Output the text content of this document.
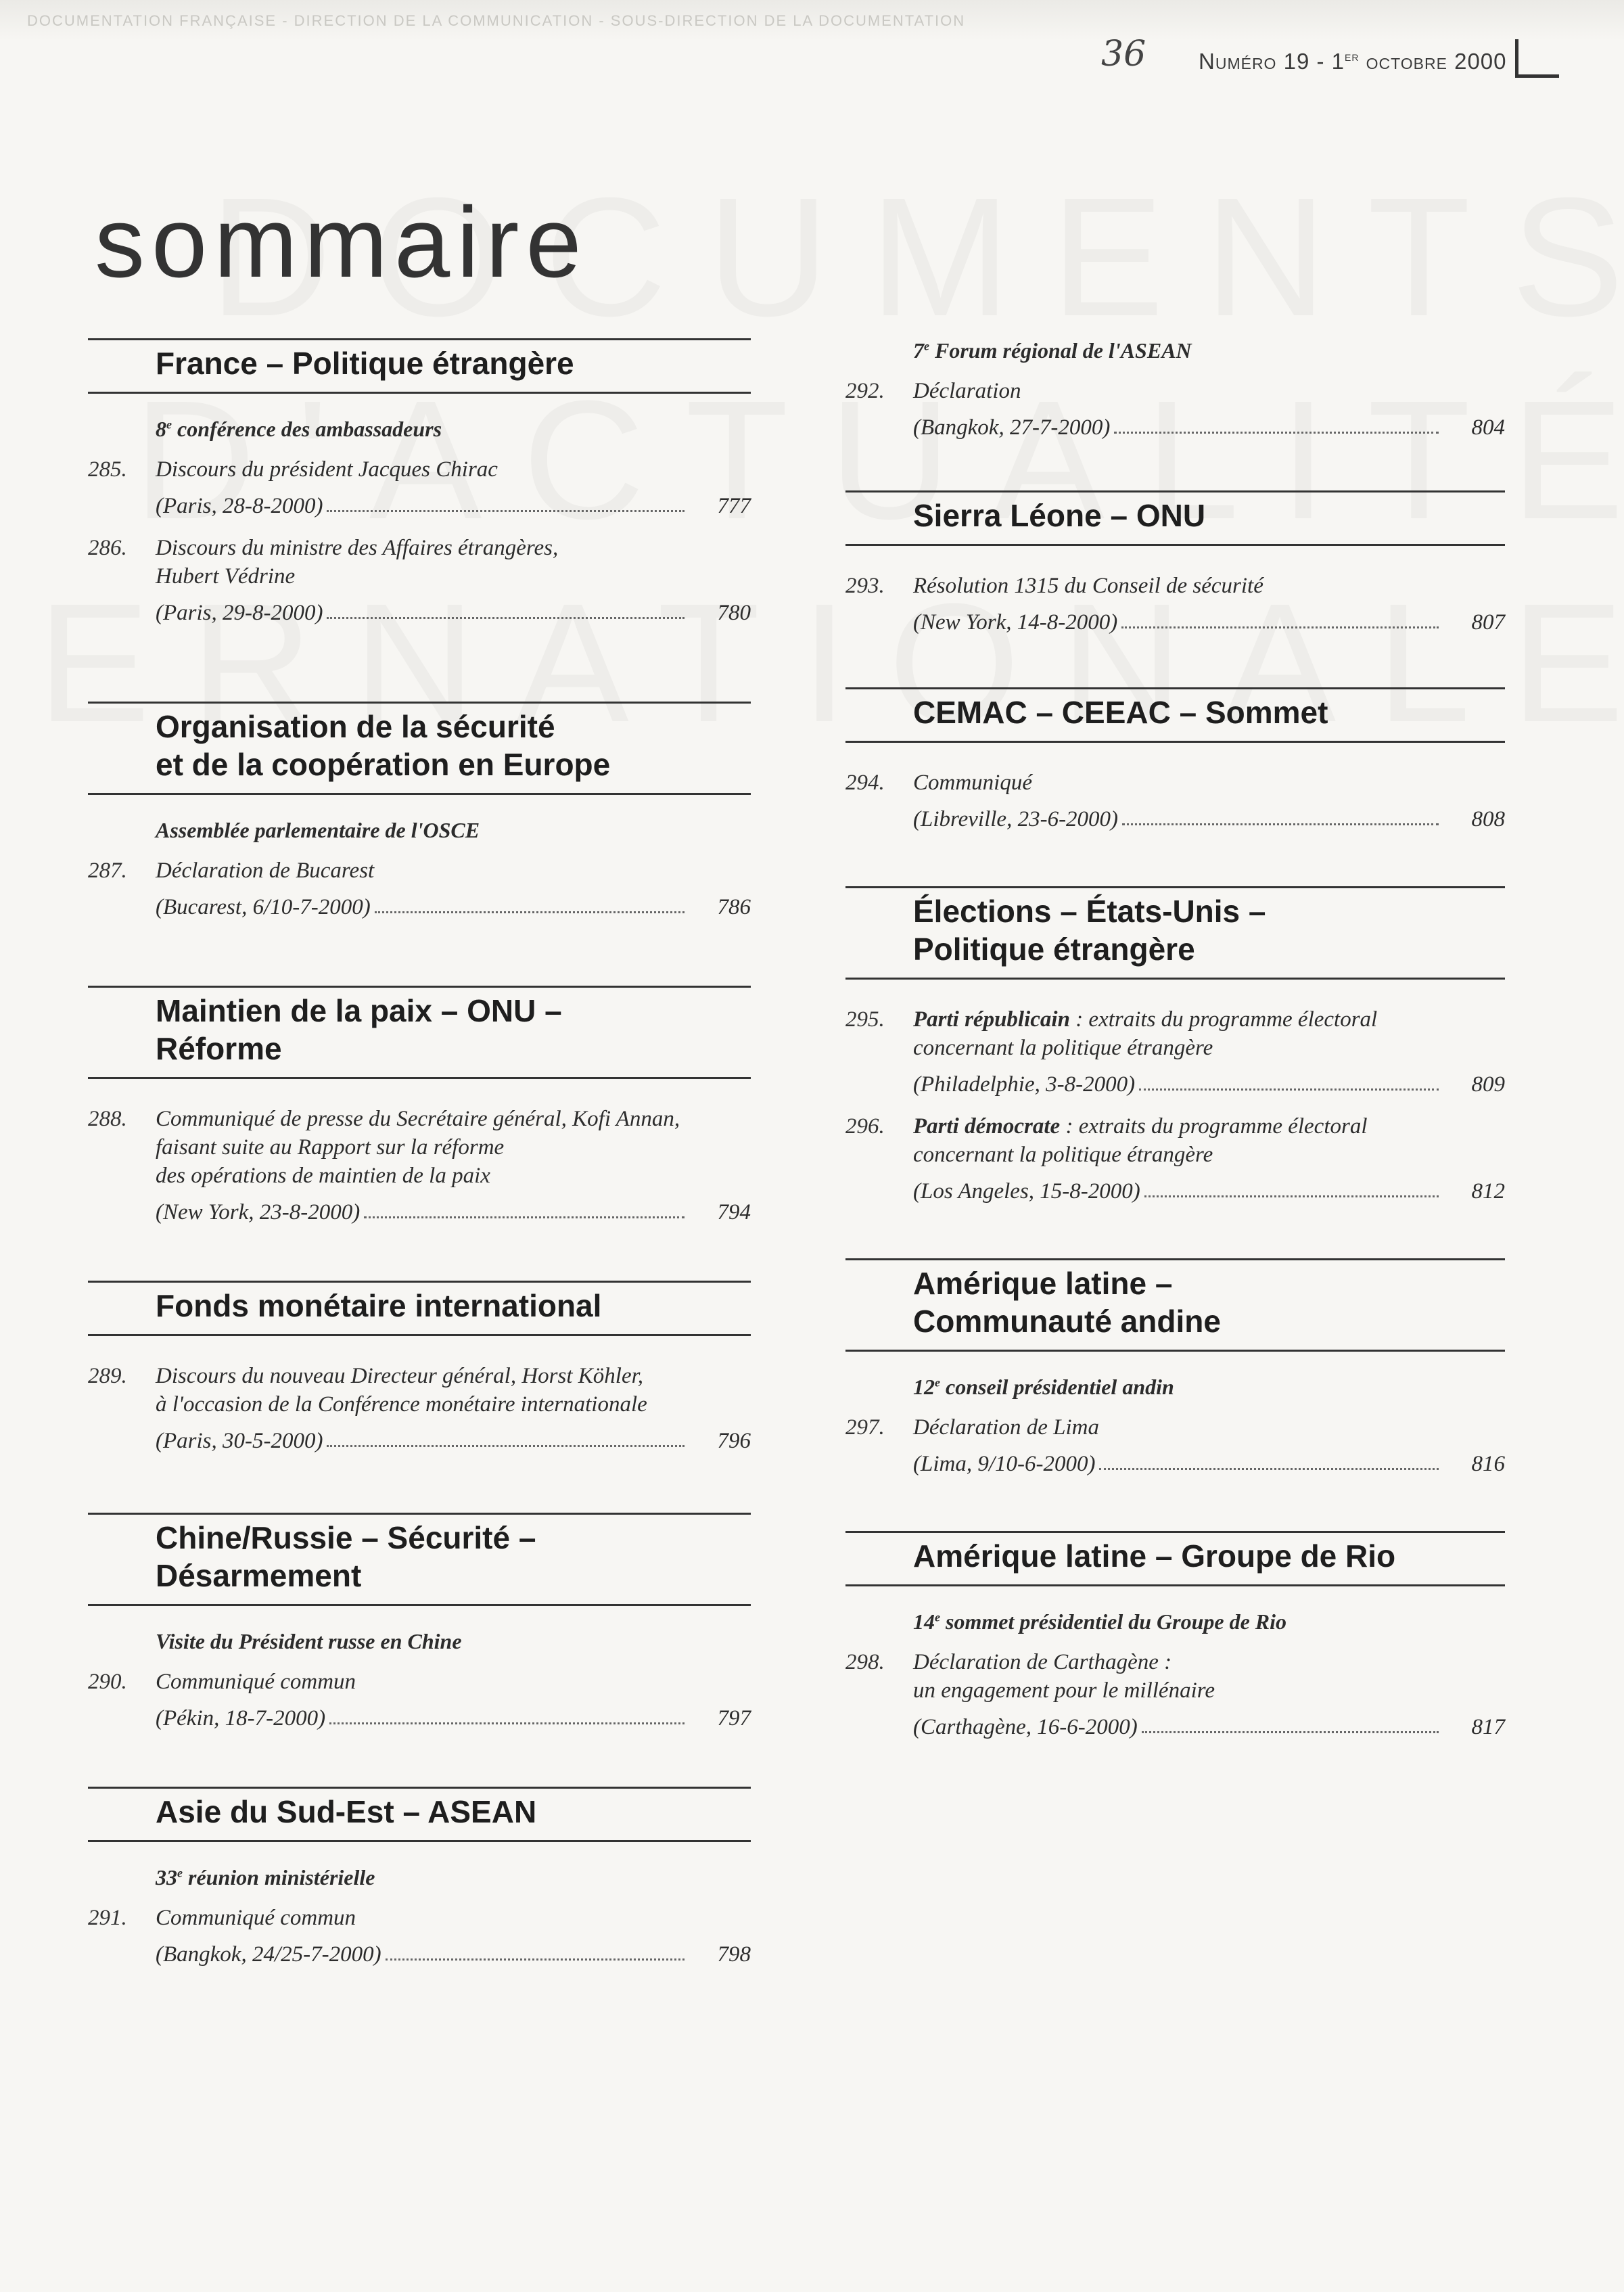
DOCUMENTATION FRANÇAISE - DIRECTION DE LA COMMUNICATION - SOUS-DIRECTION DE LA DOCUMENTATION
36 Numéro 19 - 1er octobre 2000
sommaire
France – Politique étrangère
8e conférence des ambassadeurs
285.	Discours du président Jacques Chirac
(Paris, 28-8-2000)	777
286.	Discours du ministre des Affaires étrangères,
Hubert Védrine
(Paris, 29-8-2000)	780
Organisation de la sécurité
et de la coopération en Europe
Assemblée parlementaire de l'OSCE
287.	Déclaration de Bucarest
(Bucarest, 6/10-7-2000)	786
Maintien de la paix – ONU –
Réforme
288.	Communiqué de presse du Secrétaire général, Kofi Annan,
faisant suite au Rapport sur la réforme
des opérations de maintien de la paix
(New York, 23-8-2000)	794
Fonds monétaire international
289.	Discours du nouveau Directeur général, Horst Köhler,
à l'occasion de la Conférence monétaire internationale
(Paris, 30-5-2000)	796
Chine/Russie – Sécurité –
Désarmement
Visite du Président russe en Chine
290.	Communiqué commun
(Pékin, 18-7-2000)	797
Asie du Sud-Est – ASEAN
33e réunion ministérielle
291.	Communiqué commun
(Bangkok, 24/25-7-2000)	798
7e Forum régional de l'ASEAN
292.	Déclaration
(Bangkok, 27-7-2000)	804
Sierra Léone – ONU
293.	Résolution 1315 du Conseil de sécurité
(New York, 14-8-2000)	807
CEMAC – CEEAC – Sommet
294.	Communiqué
(Libreville, 23-6-2000)	808
Élections – États-Unis –
Politique étrangère
295.	Parti républicain : extraits du programme électoral
concernant la politique étrangère
(Philadelphie, 3-8-2000)	809
296.	Parti démocrate : extraits du programme électoral
concernant la politique étrangère
(Los Angeles, 15-8-2000)	812
Amérique latine –
Communauté andine
12e conseil présidentiel andin
297.	Déclaration de Lima
(Lima, 9/10-6-2000)	816
Amérique latine – Groupe de Rio
14e sommet présidentiel du Groupe de Rio
298.	Déclaration de Carthagène :
un engagement pour le millénaire
(Carthagène, 16-6-2000)	817
